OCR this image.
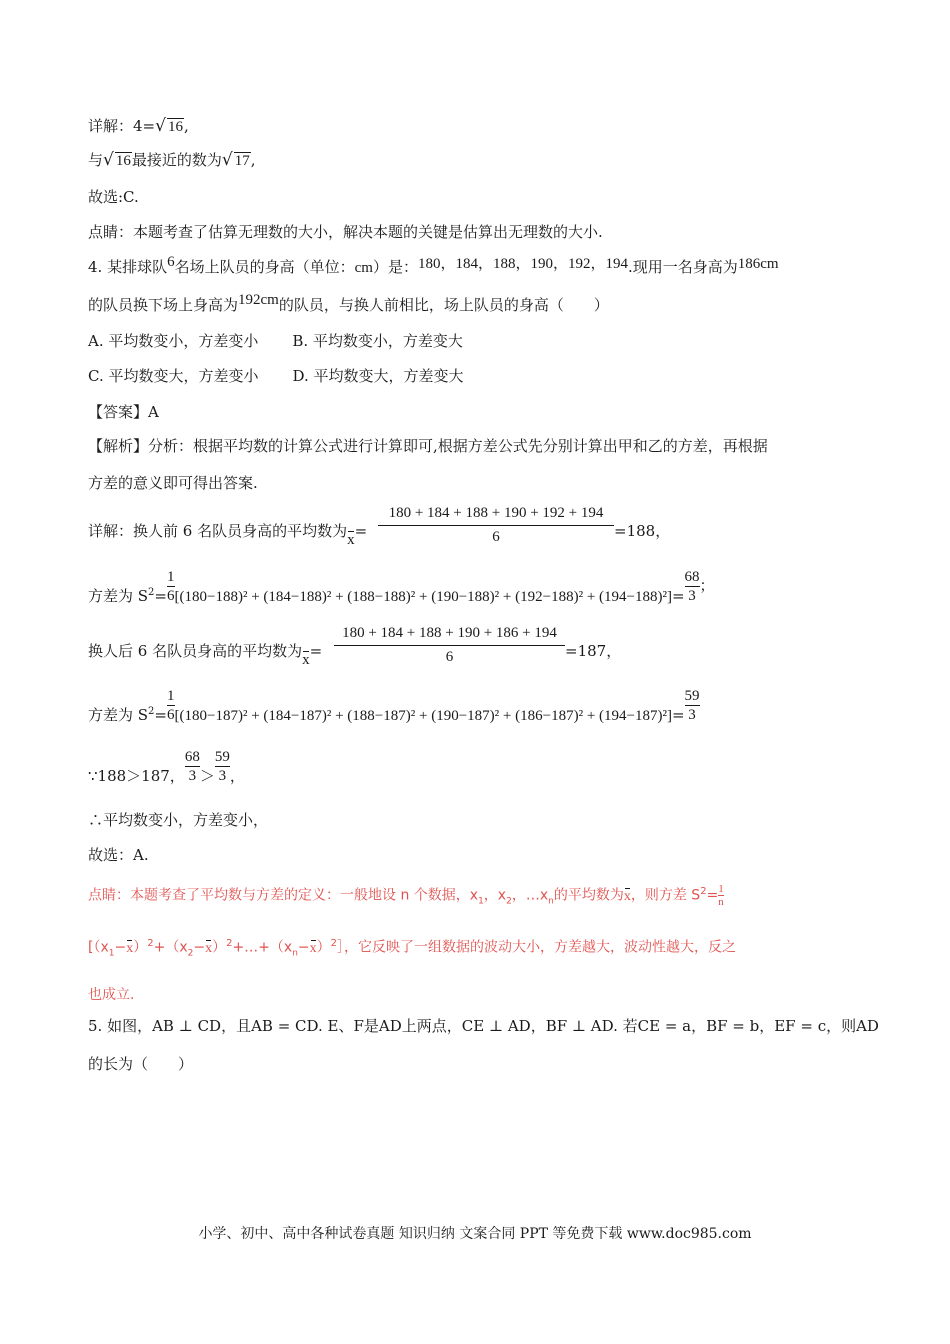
详解：4=√ 16,
与√ 16最接近的数为√ 17,
故选:C.
点睛：本题考查了估算无理数的大小，解决本题的关键是估算出无理数的大小.
4. 某排球队6名场上队员的身高（单位：cm）是：180，184，188，190，192，194.现用一名身高为186cm
的队员换下场上身高为192cm的队员，与换人前相比，场上队员的身高（　　）
A. 平均数变小，方差变小 B. 平均数变小，方差变大
C. 平均数变大，方差变小 D. 平均数变大，方差变大
【答案】A
【解析】分析：根据平均数的计算公式进行计算即可,根据方差公式先分别计算出甲和乙的方差，再根据
方差的意义即可得出答案.
详解：换人前 6 名队员身高的平均数为x=
180 + 184 + 188 + 190 + 192 + 194
6	=188，
方差为 $S^2= \frac{1}{6} [(180-188)^2 + (184-188)^2 + (188-188)^2 + (190-188)^2 + (192-188)^2 + (194-188)^2]= \frac{68}{3}$ ；
换人后 6 名队员身高的平均数为x=
180 + 184 + 188 + 190 + 186 + 194
6	=187，
方差为 $S^2= \frac{1}{6} [(180-187)^2 + (184-187)^2 + (188-187)^2 + (190-187)^2 + (186-187)^2 + (194-187)^2]= \frac{59}{3}$
∵188＞187， $\frac{68}{3} > \frac{59}{3}$ ，
∴平均数变小，方差变小，
故选：A.
点睛：本题考查了平均数与方差的定义：一般地设 n 个数据，$x_1$，$x_2$，$\dots x_n$的平均数为x，则方差 $S^2= \frac{1}{n}$
[$(x_1-x)^2+(x_2-x)^2+\dots+(x_n-x)^2]$，它反映了一组数据的波动大小，方差越大，波动性越大，反之
也成立.
5. 如图，AB ⊥ CD，且AB = CD. E、F是AD上两点，CE ⊥ AD，BF ⊥ AD. 若CE = a，BF = b，EF = c，则AD
的长为（　　）
小学、初中、高中各种试卷真题 知识归纳 文案合同 PPT 等免费下载 www.doc985.com
